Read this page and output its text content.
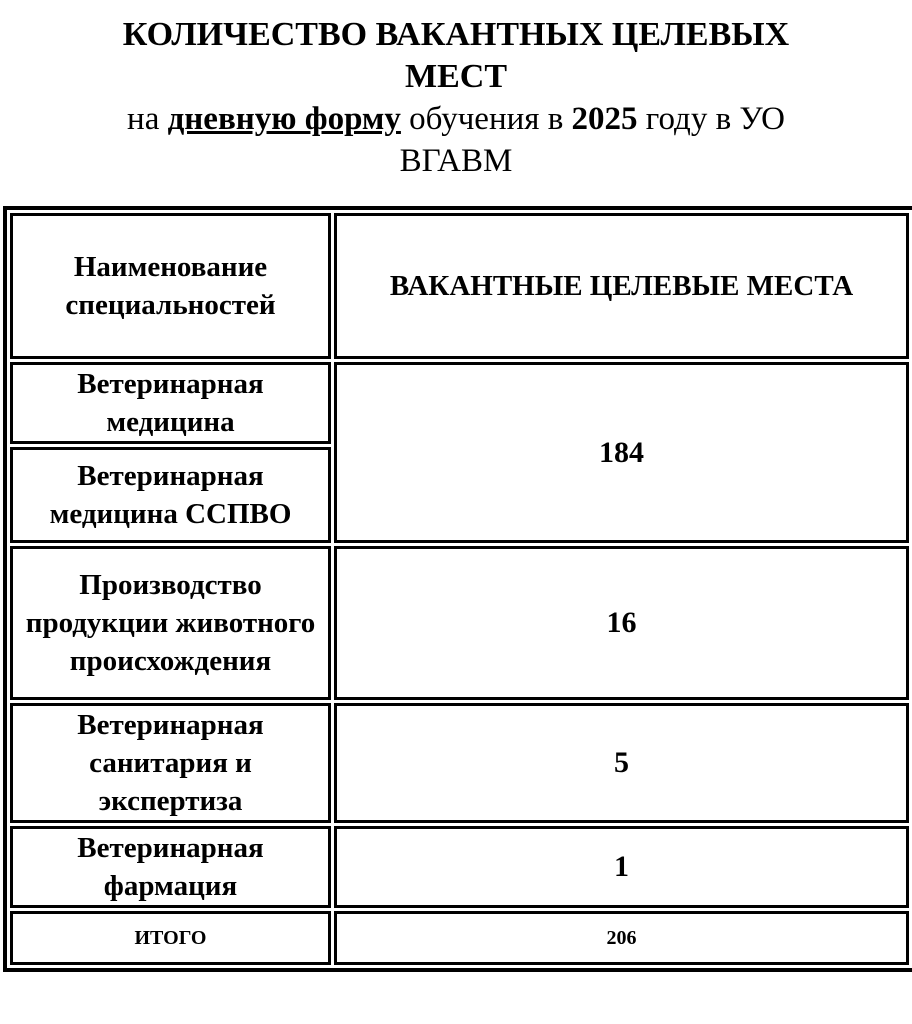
КОЛИЧЕСТВО ВАКАНТНЫХ ЦЕЛЕВЫХ

МЕСТ

на дневную форму обучения в 2025 году в УО

ВГАВМ

Наименование специальностей	ВАКАНТНЫЕ ЦЕЛЕВЫЕ МЕСТА
Ветеринарная медицина	184
Ветеринарная медицина ССПВО	
Производство продукции животного происхождения	16
Ветеринарная санитария и экспертиза	5
Ветеринарная фармация	1
ИТОГО	206
